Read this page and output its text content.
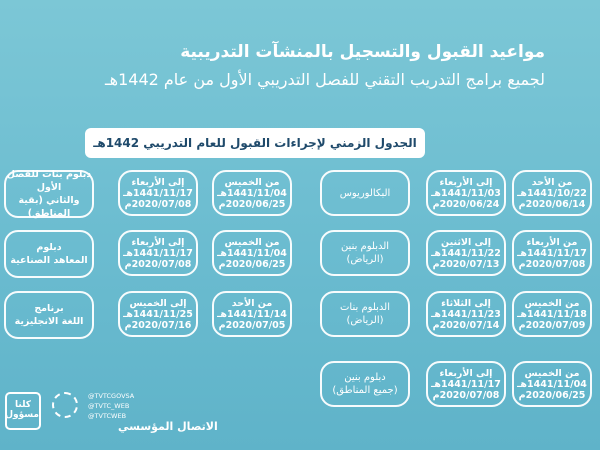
مواعيد القبول والتسجيل بالمنشآت التدريبية
لجميع برامج التدريب التقني للفصل التدريبي الأول من عام 1442هـ
الجدول الزمني لإجراءات القبول للعام التدريبي 1442هـ
من الأحد
1441/10/22هـ
2020/06/14م
إلى الأربعاء
1441/11/03هـ
2020/06/24م
البكالوريوس
من الأربعاء
1441/11/17هـ
2020/07/08م
إلى الاثنين
1441/11/22هـ
2020/07/13م
الدبلوم بنين
(الرياض)
من الخميس
1441/11/18هـ
2020/07/09م
إلى الثلاثاء
1441/11/23هـ
2020/07/14م
الدبلوم بنات
(الرياض)
من الخميس
1441/11/04هـ
2020/06/25م
إلى الأربعاء
1441/11/17هـ
2020/07/08م
دبلوم بنين
(جميع المناطق)
من الخميس
1441/11/04هـ
2020/06/25م
إلى الأربعاء
1441/11/17هـ
2020/07/08م
دبلوم بنات للفصل الأول
والثاني (بقية المناطق)
من الخميس
1441/11/04هـ
2020/06/25م
إلى الأربعاء
1441/11/17هـ
2020/07/08م
دبلوم
المعاهد الصناعية
من الأحد
1441/11/14هـ
2020/07/05م
إلى الخميس
1441/11/25هـ
2020/07/16م
برنامج
اللغة الانجليزية
كلنا
مسؤول
@TVTCGOVSA
@TVTC_WEB
@TVTCWEB
الاتصال المؤسسي
